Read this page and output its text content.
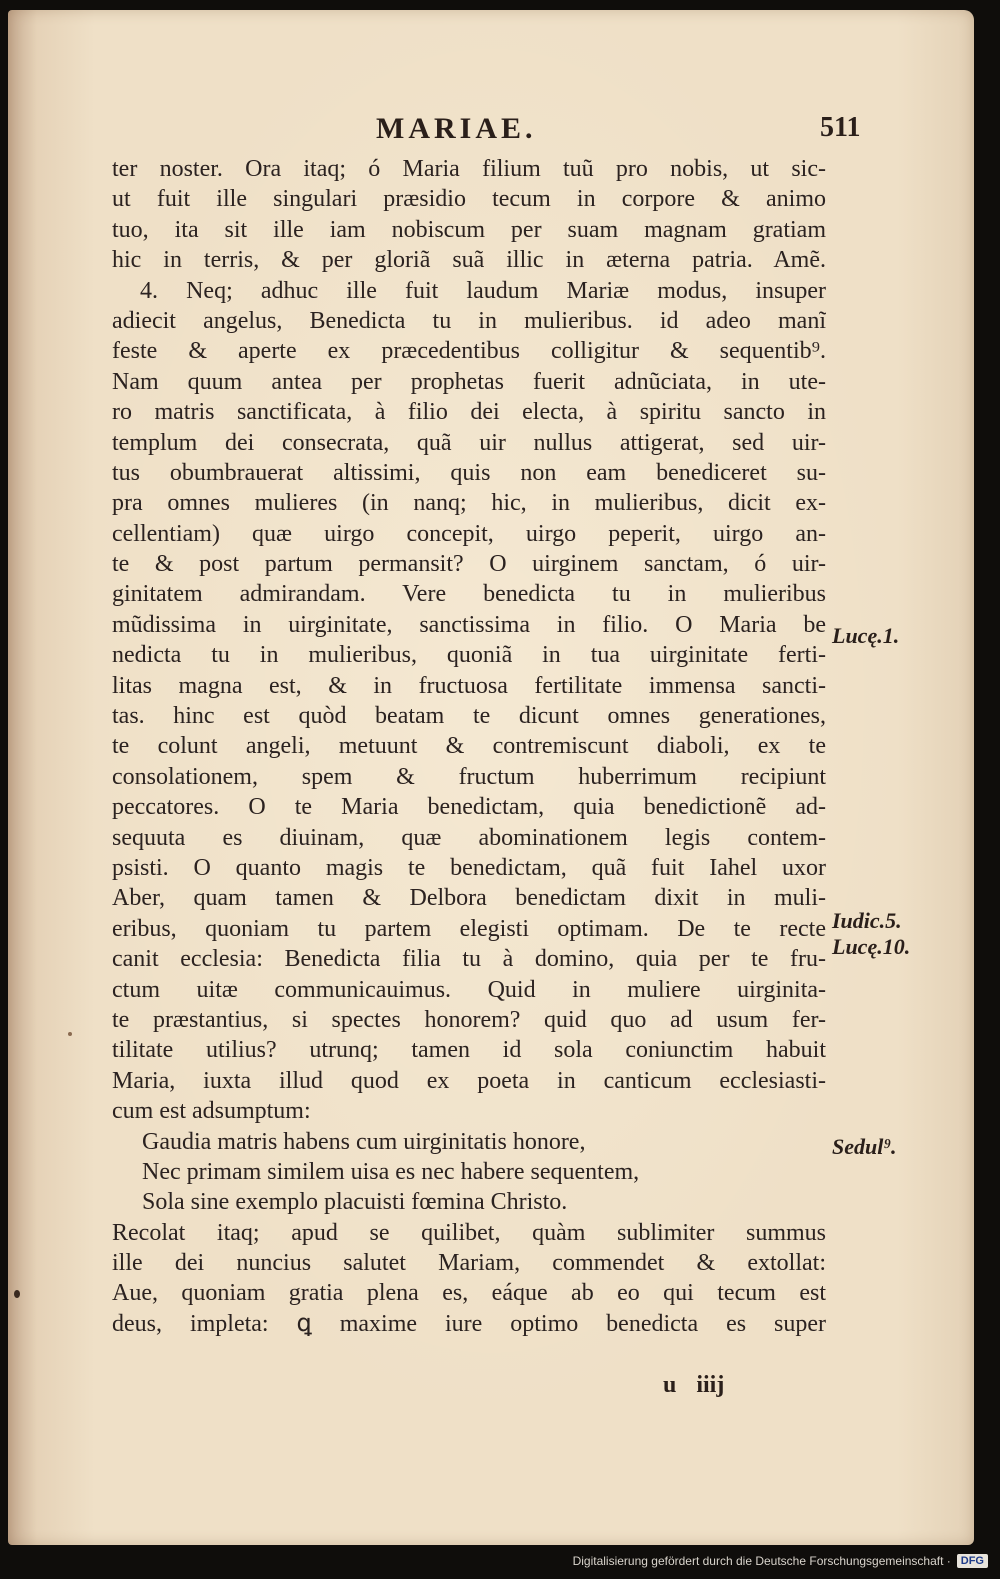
MARIAE.	511
ter noster. Ora itaq; ó Maria filium tuũ pro nobis, ut sic-
ut fuit ille singulari præsidio tecum in corpore & animo
tuo, ita sit ille iam nobiscum per suam magnam gratiam
hic in terris, & per gloriã suã illic in æterna patria. Amẽ.
4. Neq; adhuc ille fuit laudum Mariæ modus, insuper
adiecit angelus, Benedicta tu in mulieribus. id adeo manĩ
feste & aperte ex præcedentibus colligitur & sequentib⁹.
Nam quum antea per prophetas fuerit adnũciata, in ute-
ro matris sanctificata, à filio dei electa, à spiritu sancto in
templum dei consecrata, quã uir nullus attigerat, sed uir-
tus obumbrauerat altissimi, quis non eam benediceret su-
pra omnes mulieres (in nanq; hic, in mulieribus, dicit ex-
cellentiam) quæ uirgo concepit, uirgo peperit, uirgo an-
te & post partum permansit? O uirginem sanctam, ó uir-
ginitatem admirandam. Vere benedicta tu in mulieribus
mũdissima in uirginitate, sanctissima in filio. O Maria be
nedicta tu in mulieribus, quoniã in tua uirginitate ferti-
litas magna est, & in fructuosa fertilitate immensa sancti-
tas. hinc est quòd beatam te dicunt omnes generationes,
te colunt angeli, metuunt & contremiscunt diaboli, ex te
consolationem, spem & fructum huberrimum recipiunt
peccatores. O te Maria benedictam, quia benedictionẽ ad-
sequuta es diuinam, quæ abominationem legis contem-
psisti. O quanto magis te benedictam, quã fuit Iahel uxor
Aber, quam tamen & Delbora benedictam dixit in muli-
eribus, quoniam tu partem elegisti optimam. De te recte
canit ecclesia: Benedicta filia tu à domino, quia per te fru-
ctum uitæ communicauimus. Quid in muliere uirginita-
te præstantius, si spectes honorem? quid quo ad usum fer-
tilitate utilius? utrunq; tamen id sola coniunctim habuit
Maria, iuxta illud quod ex poeta in canticum ecclesiasti-
cum est adsumptum:
Gaudia matris habens cum uirginitatis honore,
Nec primam similem uisa es nec habere sequentem,
Sola sine exemplo placuisti fœmina Christo.
Recolat itaq; apud se quilibet, quàm sublimiter summus
ille dei nuncius salutet Mariam, commendet & extollat:
Aue, quoniam gratia plena es, eáque ab eo qui tecum est
deus, impleta: ꝗ maxime iure optimo benedicta es super
Lucę.1.
Iudic.5.
Lucę.10.
Sedul⁹.
u iiij
Digitalisierung gefördert durch die Deutsche Forschungsgemeinschaft · DFG
